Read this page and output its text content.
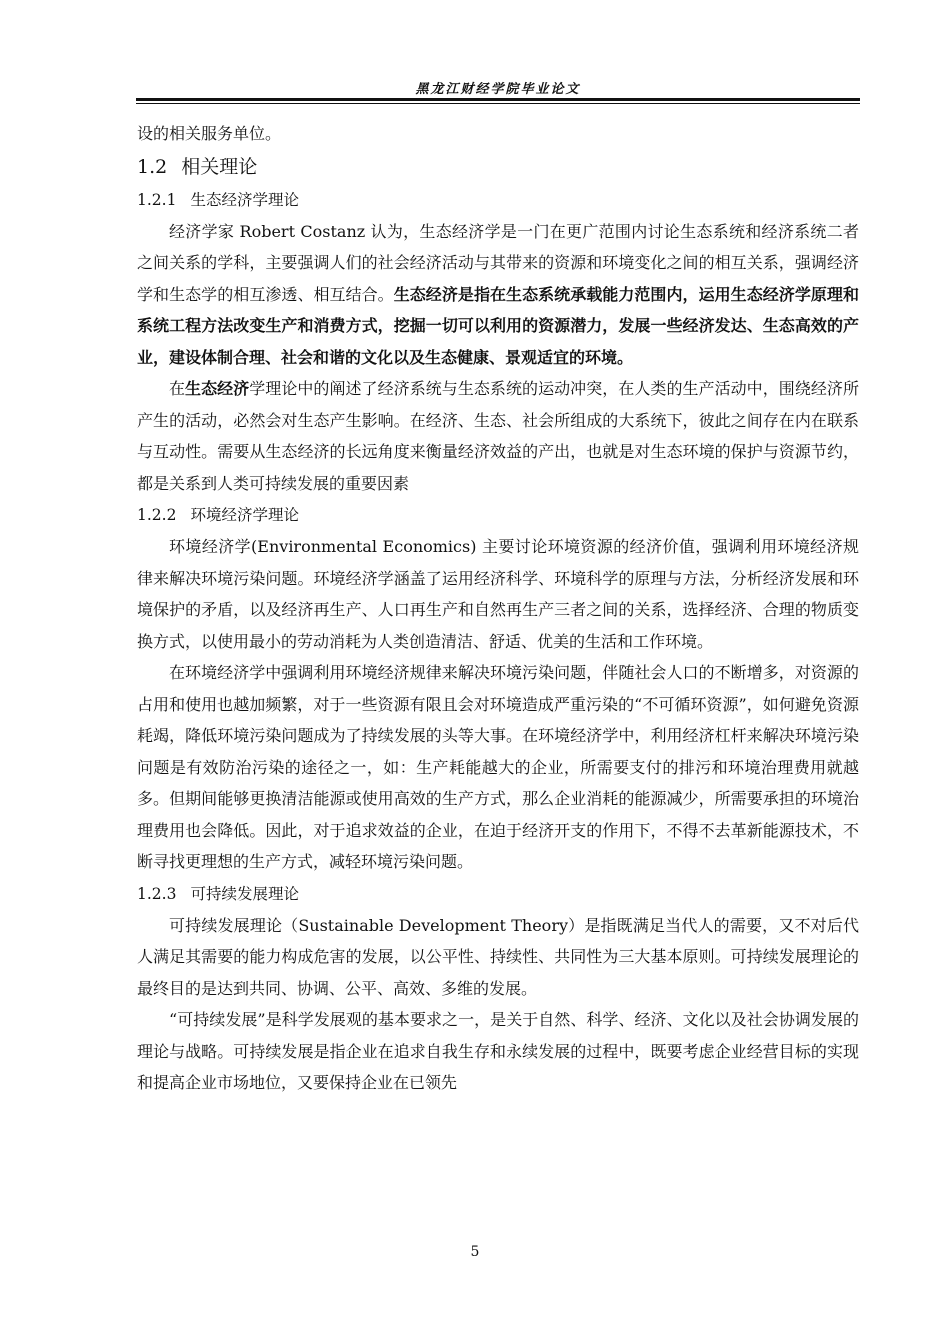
黑龙江财经学院毕业论文

设的相关服务单位。

1.2 相关理论
1.2.1 生态经济学理论

经济学家 Robert Costanz 认为，生态经济学是一门在更广范围内讨论生态系统和经济系统二者之间关系的学科，主要强调人们的社会经济活动与其带来的资源和环境变化之间的相互关系，强调经济学和生态学的相互渗透、相互结合。生态经济是指在生态系统承载能力范围内，运用生态经济学原理和系统工程方法改变生产和消费方式，挖掘一切可以利用的资源潜力，发展一些经济发达、生态高效的产业，建设体制合理、社会和谐的文化以及生态健康、景观适宜的环境。

在生态经济学理论中的阐述了经济系统与生态系统的运动冲突，在人类的生产活动中，围绕经济所产生的活动，必然会对生态产生影响。在经济、生态、社会所组成的大系统下，彼此之间存在内在联系与互动性。需要从生态经济的长远角度来衡量经济效益的产出，也就是对生态环境的保护与资源节约，都是关系到人类可持续发展的重要因素

1.2.2 环境经济学理论

环境经济学(Environmental Economics) 主要讨论环境资源的经济价值，强调利用环境经济规律来解决环境污染问题。环境经济学涵盖了运用经济科学、环境科学的原理与方法，分析经济发展和环境保护的矛盾，以及经济再生产、人口再生产和自然再生产三者之间的关系，选择经济、合理的物质变换方式，以使用最小的劳动消耗为人类创造清洁、舒适、优美的生活和工作环境。

在环境经济学中强调利用环境经济规律来解决环境污染问题，伴随社会人口的不断增多，对资源的占用和使用也越加频繁，对于一些资源有限且会对环境造成严重污染的“不可循环资源”，如何避免资源耗竭，降低环境污染问题成为了持续发展的头等大事。在环境经济学中，利用经济杠杆来解决环境污染问题是有效防治污染的途径之一，如：生产耗能越大的企业，所需要支付的排污和环境治理费用就越多。但期间能够更换清洁能源或使用高效的生产方式，那么企业消耗的能源减少，所需要承担的环境治理费用也会降低。因此，对于追求效益的企业，在迫于经济开支的作用下，不得不去革新能源技术，不断寻找更理想的生产方式，减轻环境污染问题。

1.2.3 可持续发展理论

可持续发展理论（Sustainable Development Theory）是指既满足当代人的需要，又不对后代人满足其需要的能力构成危害的发展，以公平性、持续性、共同性为三大基本原则。可持续发展理论的最终目的是达到共同、协调、公平、高效、多维的发展。

“可持续发展”是科学发展观的基本要求之一，是关于自然、科学、经济、文化以及社会协调发展的理论与战略。可持续发展是指企业在追求自我生存和永续发展的过程中，既要考虑企业经营目标的实现和提高企业市场地位，又要保持企业在已领先

5
